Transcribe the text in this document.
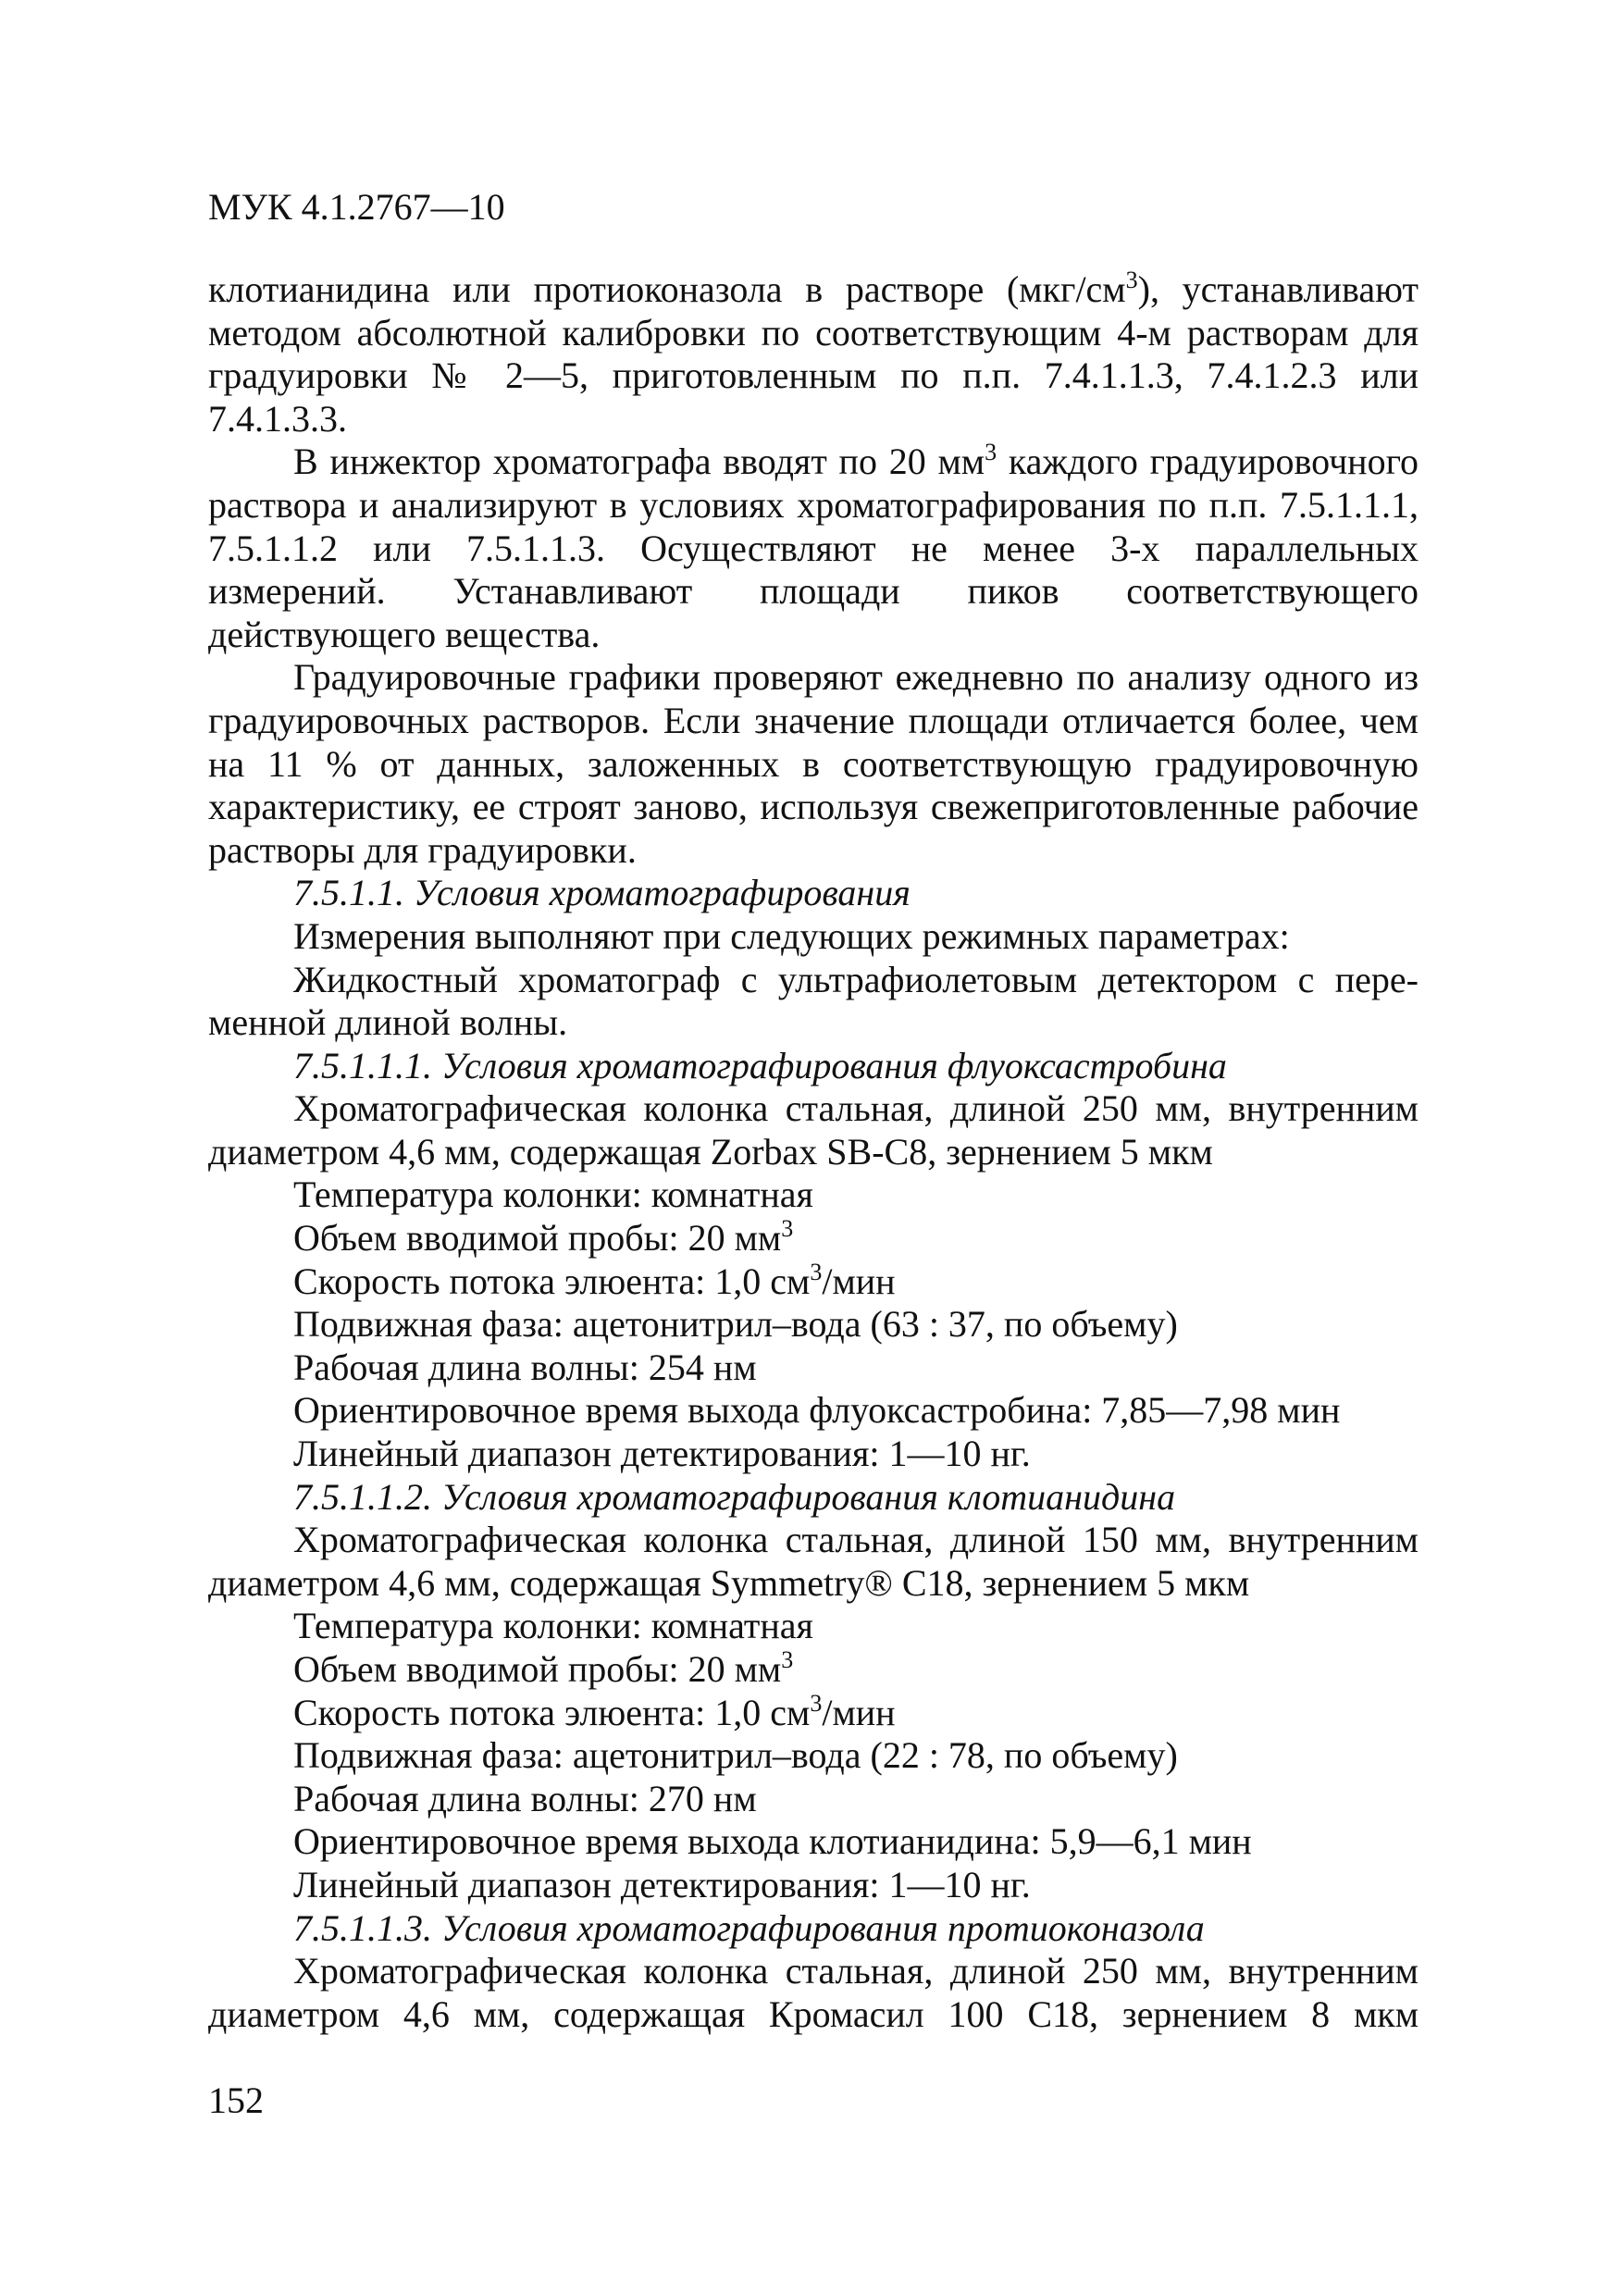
МУК 4.1.2767—10

клотианидина или протиоконазола в растворе $(мкг/см^3)$, устанавливают методом абсолютной калибровки по соответствующим 4-м растворам для градуировки № 2—5, приготовленным по п.п. 7.4.1.1.3, 7.4.1.2.3 или 7.4.1.3.3.

В инжектор хроматографа вводят по 20 $мм^3$ каждого градуировочного раствора и анализируют в условиях хроматографирования по п.п. 7.5.1.1.1, 7.5.1.1.2 или 7.5.1.1.3. Осуществляют не менее 3-х параллельных измерений. Устанавливают площади пиков соответствующего действующего вещества.

Градуировочные графики проверяют ежедневно по анализу одного из градуировочных растворов. Если значение площади отличается более, чем на 11 % от данных, заложенных в соответствующую градуировочную характеристику, ее строят заново, используя свежеприготовленные рабочие растворы для градуировки.

7.5.1.1. Условия хроматографирования

Измерения выполняют при следующих режимных параметрах:

Жидкостный хроматограф с ультрафиолетовым детектором с переменной длиной волны.

7.5.1.1.1. Условия хроматографирования флуоксастробина

Хроматографическая колонка стальная, длиной 250 мм, внутренним диаметром 4,6 мм, содержащая Zorbax SB-C8, зернением 5 мкм

Температура колонки: комнатная

Объем вводимой пробы: 20 $мм^3$

Скорость потока элюента: 1,0 $см^3$/мин

Подвижная фаза: ацетонитрил–вода (63 : 37, по объему)

Рабочая длина волны: 254 нм

Ориентировочное время выхода флуоксастробина: 7,85—7,98 мин

Линейный диапазон детектирования: 1—10 нг.

7.5.1.1.2. Условия хроматографирования клотианидина

Хроматографическая колонка стальная, длиной 150 мм, внутренним диаметром 4,6 мм, содержащая Symmetry® C18, зернением 5 мкм

Температура колонки: комнатная

Объем вводимой пробы: 20 $мм^3$

Скорость потока элюента: 1,0 $см^3$/мин

Подвижная фаза: ацетонитрил–вода (22 : 78, по объему)

Рабочая длина волны: 270 нм

Ориентировочное время выхода клотианидина: 5,9—6,1 мин

Линейный диапазон детектирования: 1—10 нг.

7.5.1.1.3. Условия хроматографирования протиоконазола

Хроматографическая колонка стальная, длиной 250 мм, внутренним диаметром 4,6 мм, содержащая Кромасил 100 С18, зернением 8 мкм

152
